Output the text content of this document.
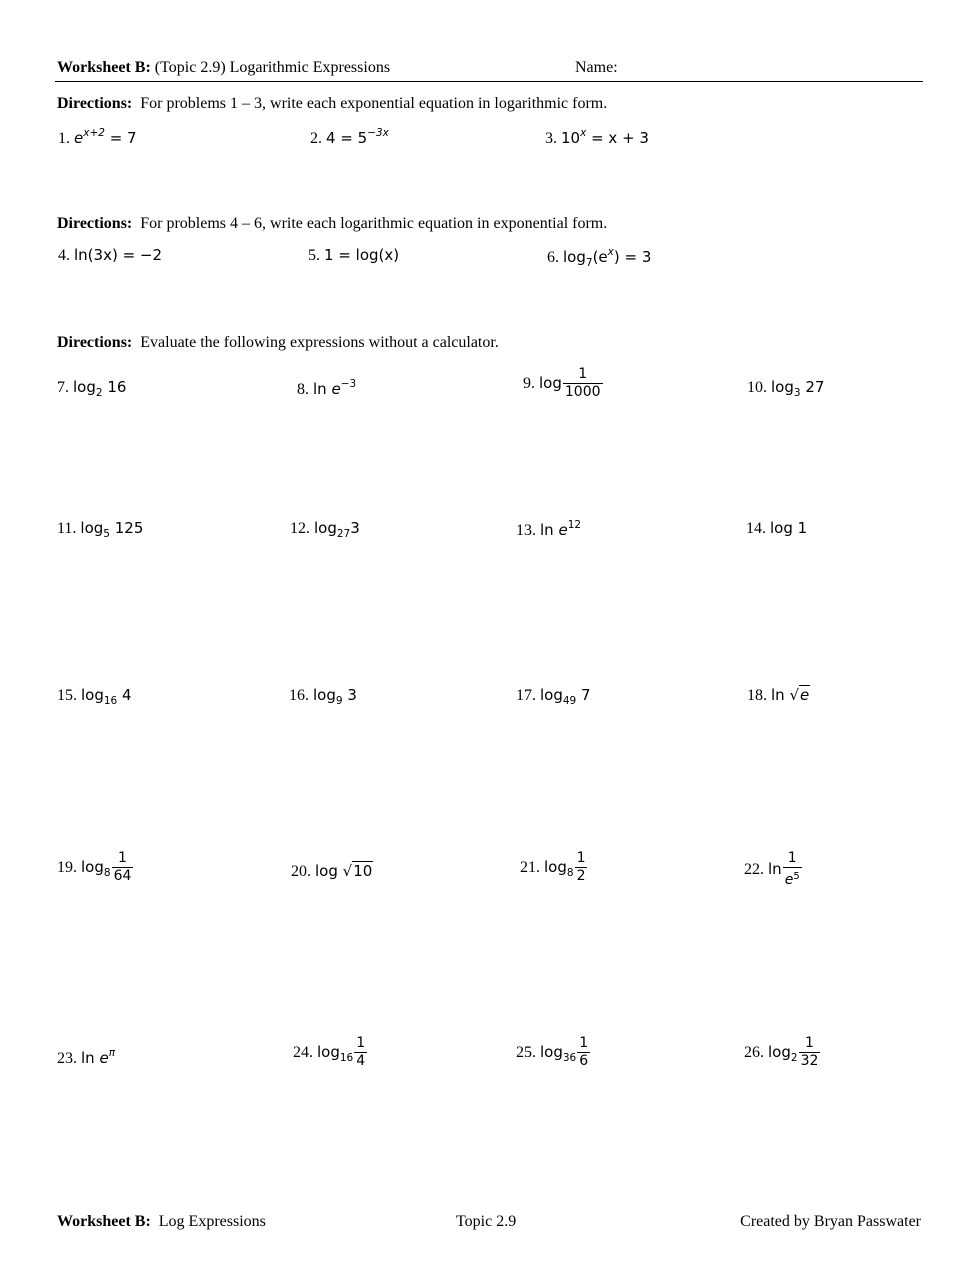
Worksheet B: (Topic 2.9) Logarithmic Expressions	Name:
Directions: For problems 1 – 3, write each exponential equation in logarithmic form.
1. $e^{x+2} = 7$	2. $4 = 5^{-3x}$	3. $10^x = x + 3$
Directions: For problems 4 – 6, write each logarithmic equation in exponential form.
4. ln(3x) = −2	5. 1 = log(x)	6. $\log_7(e^x) = 3$
Directions: Evaluate the following expressions without a calculator.
7. $\log_2 16$	8. $\ln e^{-3}$	9. $\log \frac{1}{1000}$	10. $\log_3 27$
11. $\log_5 125$	12. $\log_{27}3$	13. $\ln e^{12}$	14. log 1
15. $\log_{16} 4$	16. $\log_9 3$	17. $\log_{49} 7$	18. ln √e
19. $\log_8 \frac{1}{64}$	20. log √10	21. $\log_8 \frac{1}{2}$	22. $\ln \frac{1}{e^5}$
23. $\ln e^\pi$	24. $\log_{16} \frac{1}{4}$	25. $\log_{36} \frac{1}{6}$	26. $\log_2 \frac{1}{32}$
Worksheet B: Log Expressions	Topic 2.9	Created by Bryan Passwater
